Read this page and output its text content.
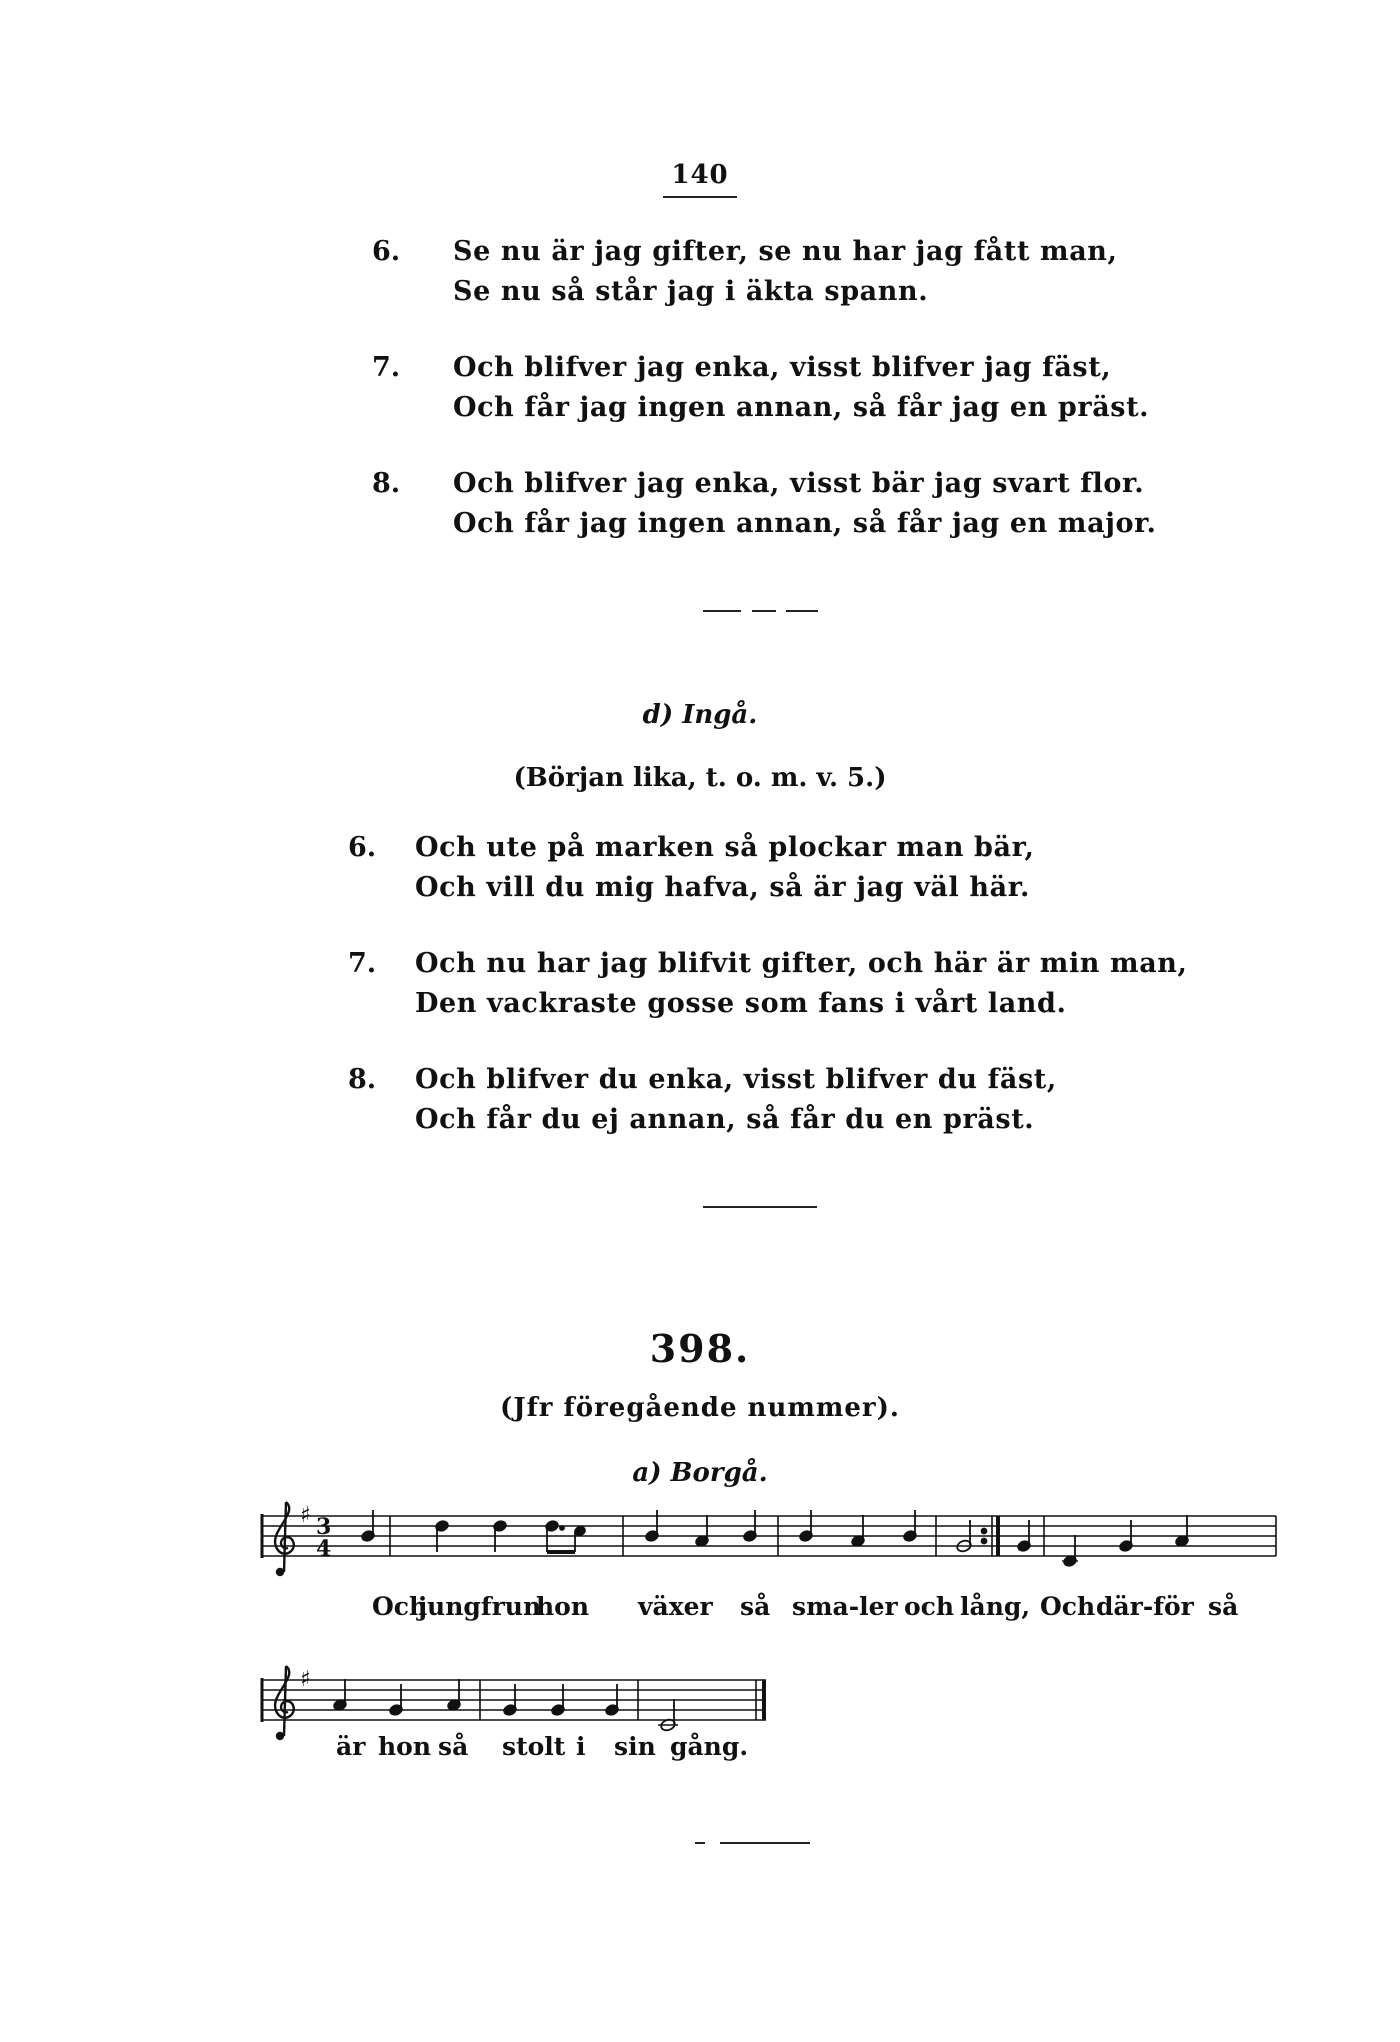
140
6. Se nu är jag gifter, se nu har jag fått man,
Se nu så står jag i äkta spann.
7. Och blifver jag enka, visst blifver jag fäst,
Och får jag ingen annan, så får jag en präst.
8. Och blifver jag enka, visst bär jag svart flor.
Och får jag ingen annan, så får jag en major.
d) Ingå.
(Början lika, t. o. m. v. 5.)
6. Och ute på marken så plockar man bär,
Och vill du mig hafva, så är jag väl här.
7. Och nu har jag blifvit gifter, och här är min man,
Den vackraste gosse som fans i vårt land.
8. Och blifver du enka, visst blifver du fäst,
Och får du ej annan, så får du en präst.
398.
(Jfr föregående nummer).
a) Borgå.
♯ 3
4
Och
jungfrun
hon växer så sma-ler och lång, Och där-för så
♯
är hon så stolt i sin gång.
